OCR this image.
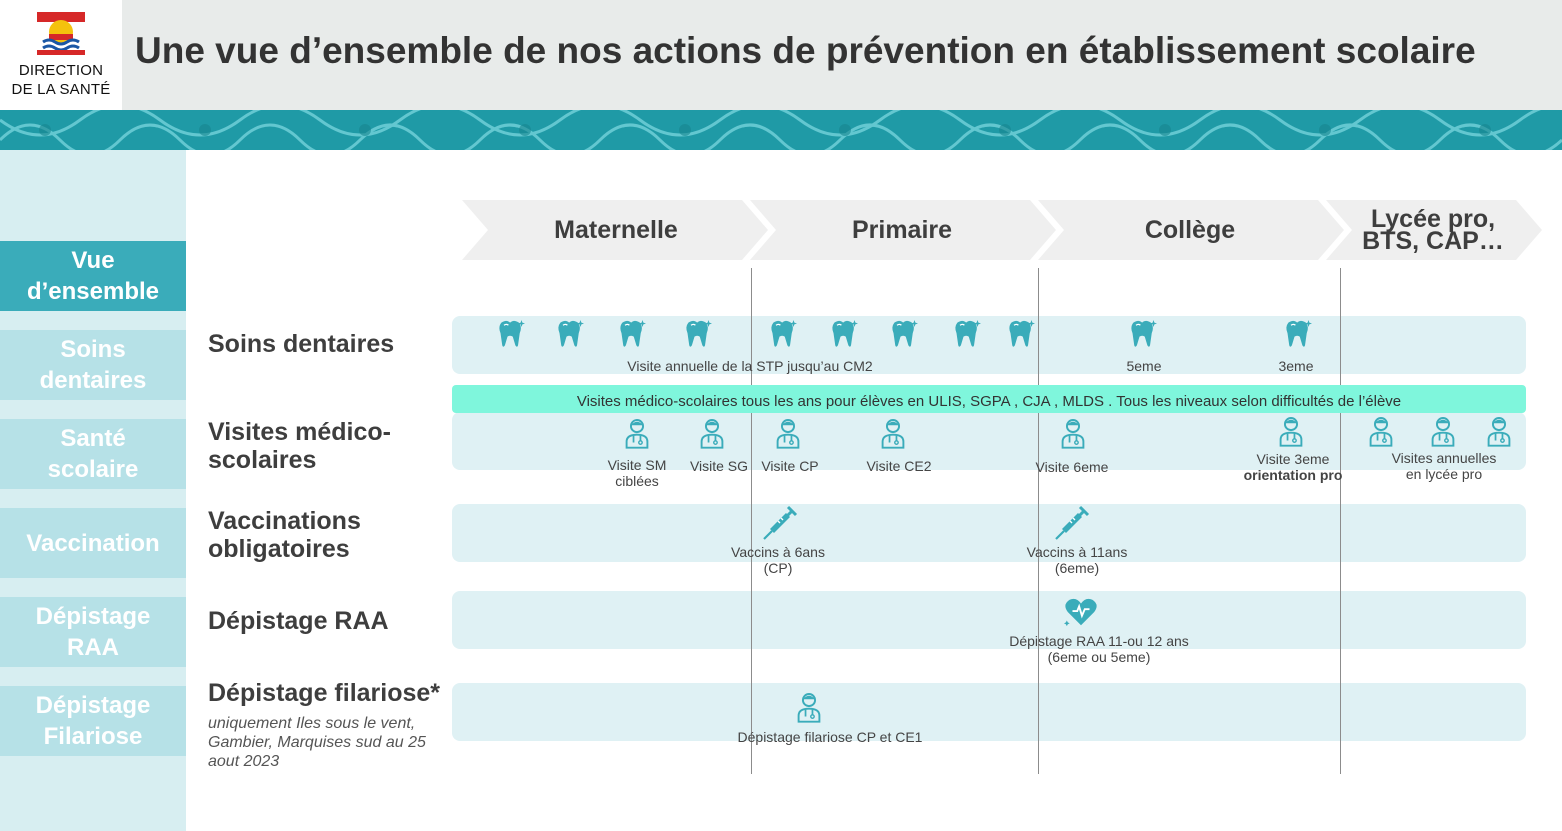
DIRECTION
DE LA SANTÉ
Une vue d’ensemble de nos actions de prévention en établissement scolaire
Vue
d’ensemble
Soins
dentaires
Santé
scolaire
Vaccination
Dépistage
RAA
Dépistage
Filariose
Maternelle	Primaire	Collège	Lycée pro,
BTS, CAP…
Soins dentaires
Visites médico-
scolaires
Vaccinations
obligatoires
Dépistage RAA
Dépistage filariose*
uniquement Iles sous le vent,
Gambier, Marquises sud au 25
aout 2023
Visite annuelle de la STP jusqu’au CM2	5eme	3eme
Visites médico-scolaires tous les ans pour élèves en ULIS, SGPA , CJA , MLDS . Tous les niveaux selon difficultés de l’élève
Visite SM
ciblées
Visite SG Visite CP	Visite CE2	Visite 6eme	Visite 3eme
orientation pro
Visites annuelles
en lycée pro
Vaccins à 6ans
(CP)
Vaccins à 11ans
(6eme)
Dépistage RAA 11-ou 12 ans
(6eme ou 5eme)
Dépistage filariose CP et CE1
